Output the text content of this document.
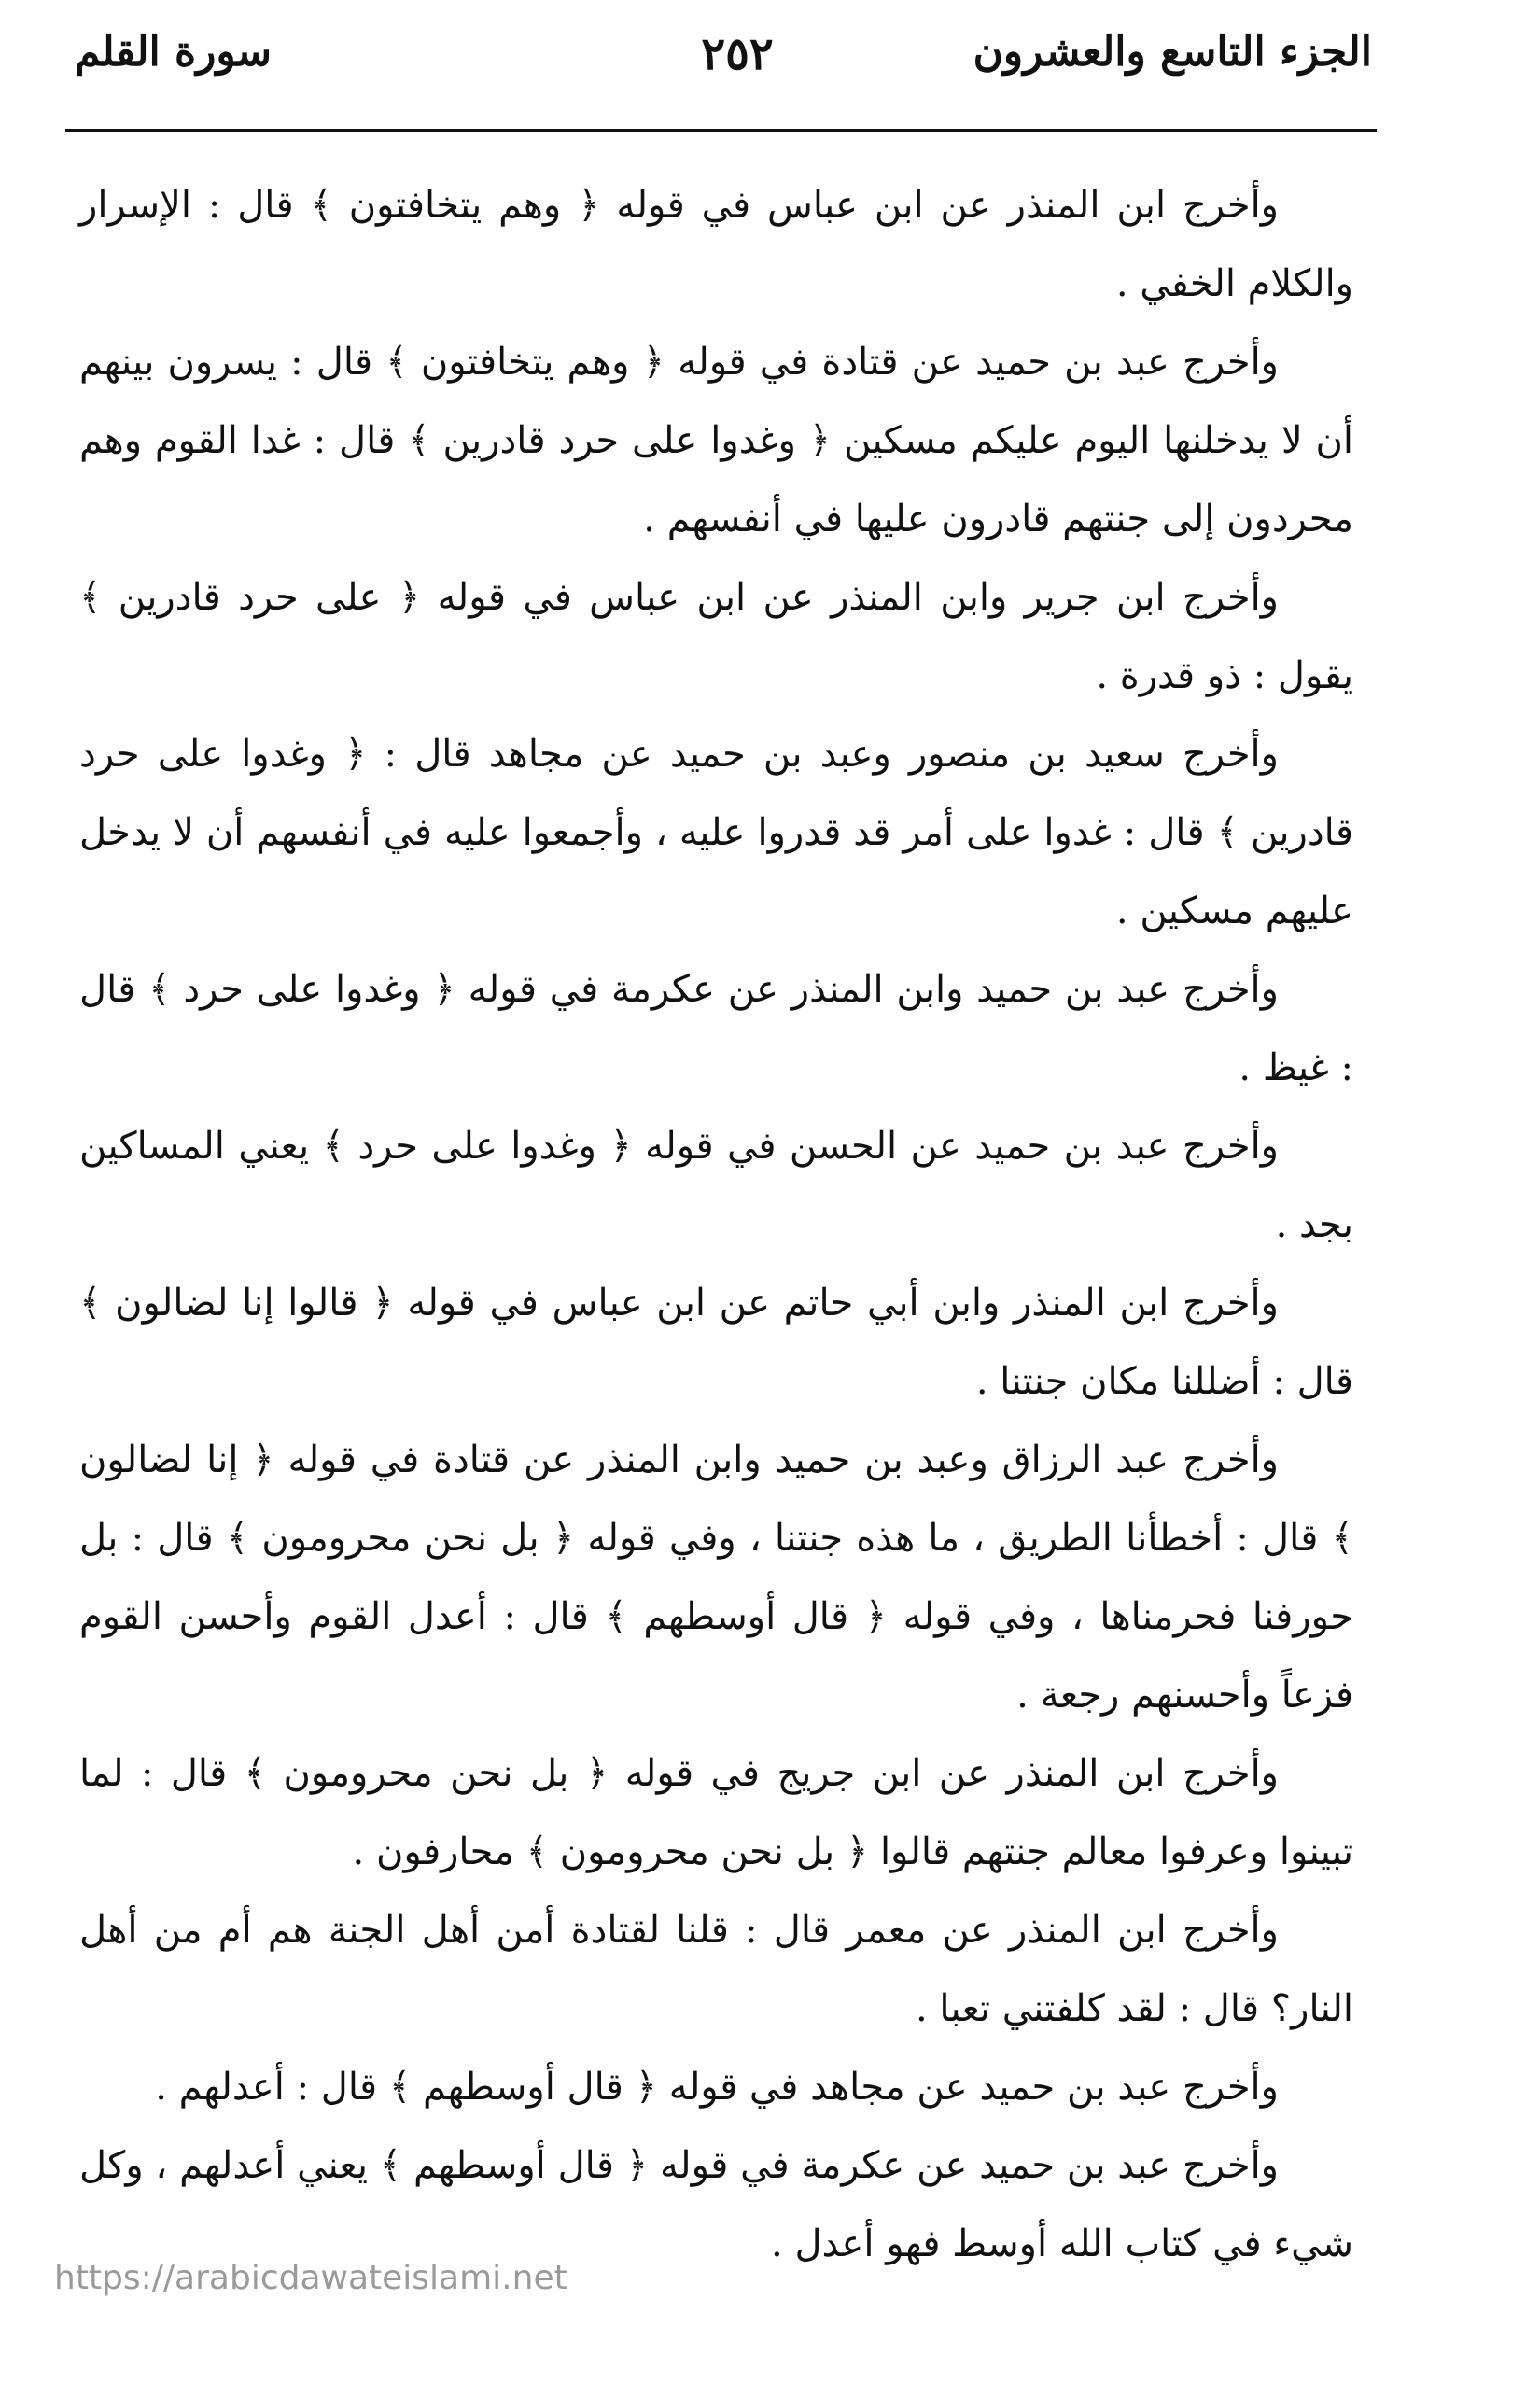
الجزء التاسع والعشرون
٢٥٢
سورة القلم

وأخرج ابن المنذر عن ابن عباس في قوله ﴿ وهم يتخافتون ﴾ قال : الإسرار والكلام الخفي .

وأخرج عبد بن حميد عن قتادة في قوله ﴿ وهم يتخافتون ﴾ قال : يسرون بينهم أن لا يدخلنها اليوم عليكم مسكين ﴿ وغدوا على حرد قادرين ﴾ قال : غدا القوم وهم محردون إلى جنتهم قادرون عليها في أنفسهم .

وأخرج ابن جرير وابن المنذر عن ابن عباس في قوله ﴿ على حرد قادرين ﴾ يقول : ذو قدرة .

وأخرج سعيد بن منصور وعبد بن حميد عن مجاهد قال : ﴿ وغدوا على حرد قادرين ﴾ قال : غدوا على أمر قد قدروا عليه ، وأجمعوا عليه في أنفسهم أن لا يدخل عليهم مسكين .

وأخرج عبد بن حميد وابن المنذر عن عكرمة في قوله ﴿ وغدوا على حرد ﴾ قال : غيظ .

وأخرج عبد بن حميد عن الحسن في قوله ﴿ وغدوا على حرد ﴾ يعني المساكين بجد .

وأخرج ابن المنذر وابن أبي حاتم عن ابن عباس في قوله ﴿ قالوا إنا لضالون ﴾ قال : أضللنا مكان جنتنا .

وأخرج عبد الرزاق وعبد بن حميد وابن المنذر عن قتادة في قوله ﴿ إنا لضالون ﴾ قال : أخطأنا الطريق ، ما هذه جنتنا ، وفي قوله ﴿ بل نحن محرومون ﴾ قال : بل حورفنا فحرمناها ، وفي قوله ﴿ قال أوسطهم ﴾ قال : أعدل القوم وأحسن القوم فزعاً وأحسنهم رجعة .

وأخرج ابن المنذر عن ابن جريج في قوله ﴿ بل نحن محرومون ﴾ قال : لما تبينوا وعرفوا معالم جنتهم قالوا ﴿ بل نحن محرومون ﴾ محارفون .

وأخرج ابن المنذر عن معمر قال : قلنا لقتادة أمن أهل الجنة هم أم من أهل النار؟ قال : لقد كلفتني تعبا .

وأخرج عبد بن حميد عن مجاهد في قوله ﴿ قال أوسطهم ﴾ قال : أعدلهم .

وأخرج عبد بن حميد عن عكرمة في قوله ﴿ قال أوسطهم ﴾ يعني أعدلهم ، وكل شيء في كتاب الله أوسط فهو أعدل .

https://arabicdawateislami.net
